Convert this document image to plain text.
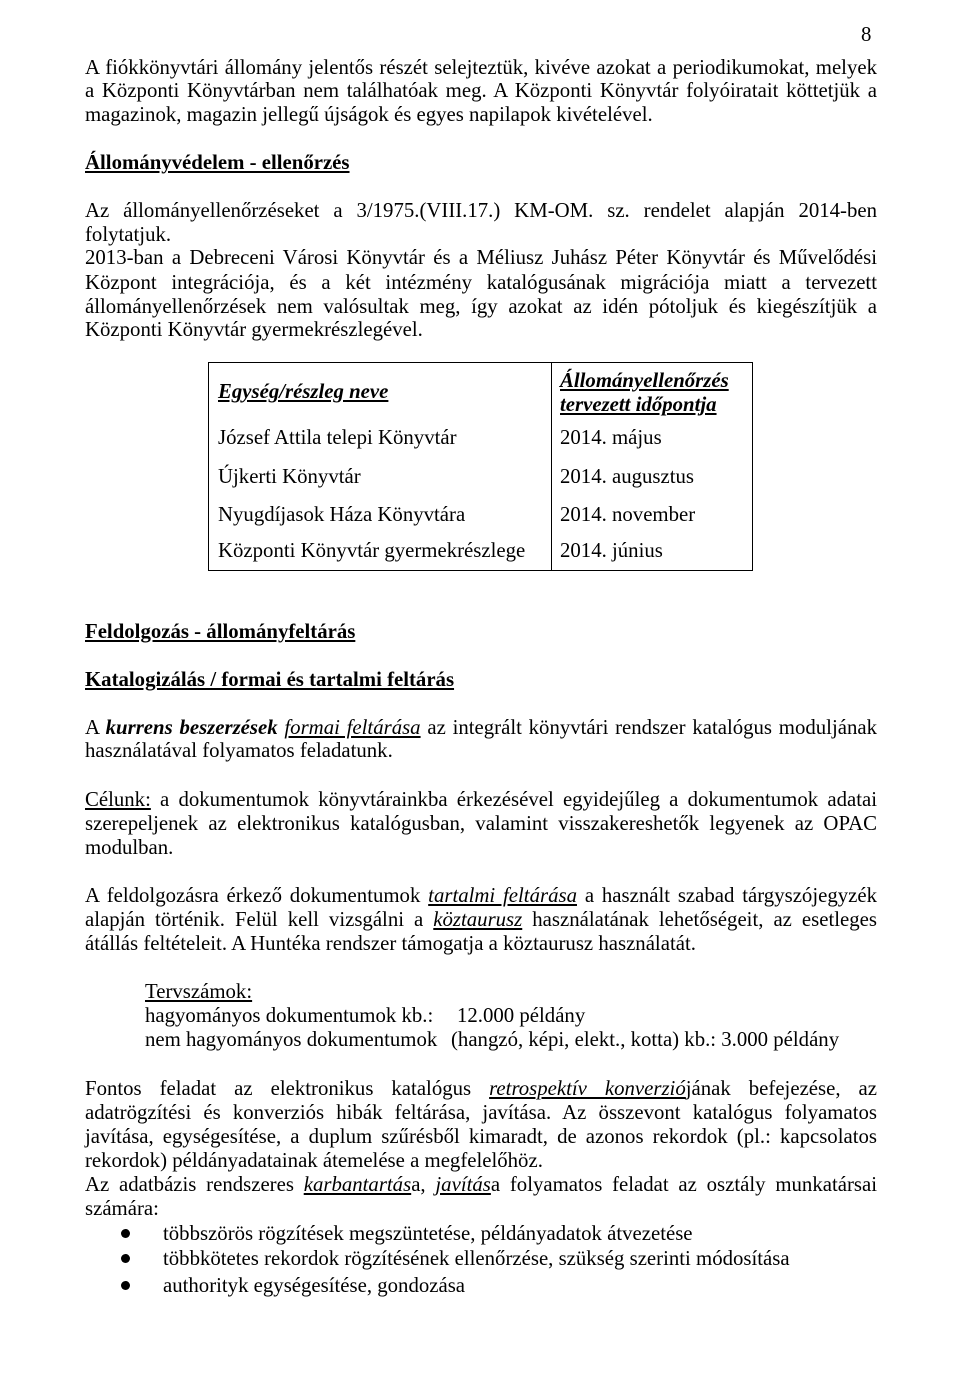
8
A fiókkönyvtári állomány jelentős részét selejteztük, kivéve azokat a periodikumokat, melyek
a Központi Könyvtárban nem találhatóak meg. A Központi Könyvtár folyóiratait köttetjük a
magazinok, magazin jellegű újságok és egyes napilapok kivételével.
Állományvédelem - ellenőrzés
Az állományellenőrzéseket a 3/1975.(VIII.17.) KM-OM. sz. rendelet alapján 2014-ben
folytatjuk.
2013-ban a Debreceni Városi Könyvtár és a Méliusz Juhász Péter Könyvtár és Művelődési
Központ integrációja, és a két intézmény katalógusának migrációja miatt a tervezett
állományellenőrzések nem valósultak meg, így azokat az idén pótoljuk és kiegészítjük a
Központi Könyvtár gyermekrészlegével.
Egység/részleg neve	Állományellenőrzés
tervezett időpontja
József Attila telepi Könyvtár	2014. május
Újkerti Könyvtár	2014. augusztus
Nyugdíjasok Háza Könyvtára	2014. november
Központi Könyvtár gyermekrészlege 2014. június
Feldolgozás - állományfeltárás
Katalogizálás / formai és tartalmi feltárás
A kurrens beszerzések formai feltárása az integrált könyvtári rendszer katalógus moduljának
használatával folyamatos feladatunk.
Célunk: a dokumentumok könyvtárainkba érkezésével egyidejűleg a dokumentumok adatai
szerepeljenek az elektronikus katalógusban, valamint visszakereshetők legyenek az OPAC
modulban.
A feldolgozásra érkező dokumentumok tartalmi feltárása a használt szabad tárgyszójegyzék
alapján történik. Felül kell vizsgálni a köztaurusz használatának lehetőségeit, az esetleges
átállás feltételeit. A Huntéka rendszer támogatja a köztaurusz használatát.
Tervszámok:
hagyományos dokumentumok kb.: 12.000 példány
nem hagyományos dokumentumok (hangzó, képi, elekt., kotta) kb.: 3.000 példány
Fontos feladat az elektronikus katalógus retrospektív konverziójának befejezése, az
adatrögzítési és konverziós hibák feltárása, javítása. Az összevont katalógus folyamatos
javítása, egységesítése, a duplum szűrésből kimaradt, de azonos rekordok (pl.: kapcsolatos
rekordok) példányadatainak átemelése a megfelelőhöz.
Az adatbázis rendszeres karbantartása, javítása folyamatos feladat az osztály munkatársai
számára:
többszörös rögzítések megszüntetése, példányadatok átvezetése
többkötetes rekordok rögzítésének ellenőrzése, szükség szerinti módosítása
authorityk egységesítése, gondozása
